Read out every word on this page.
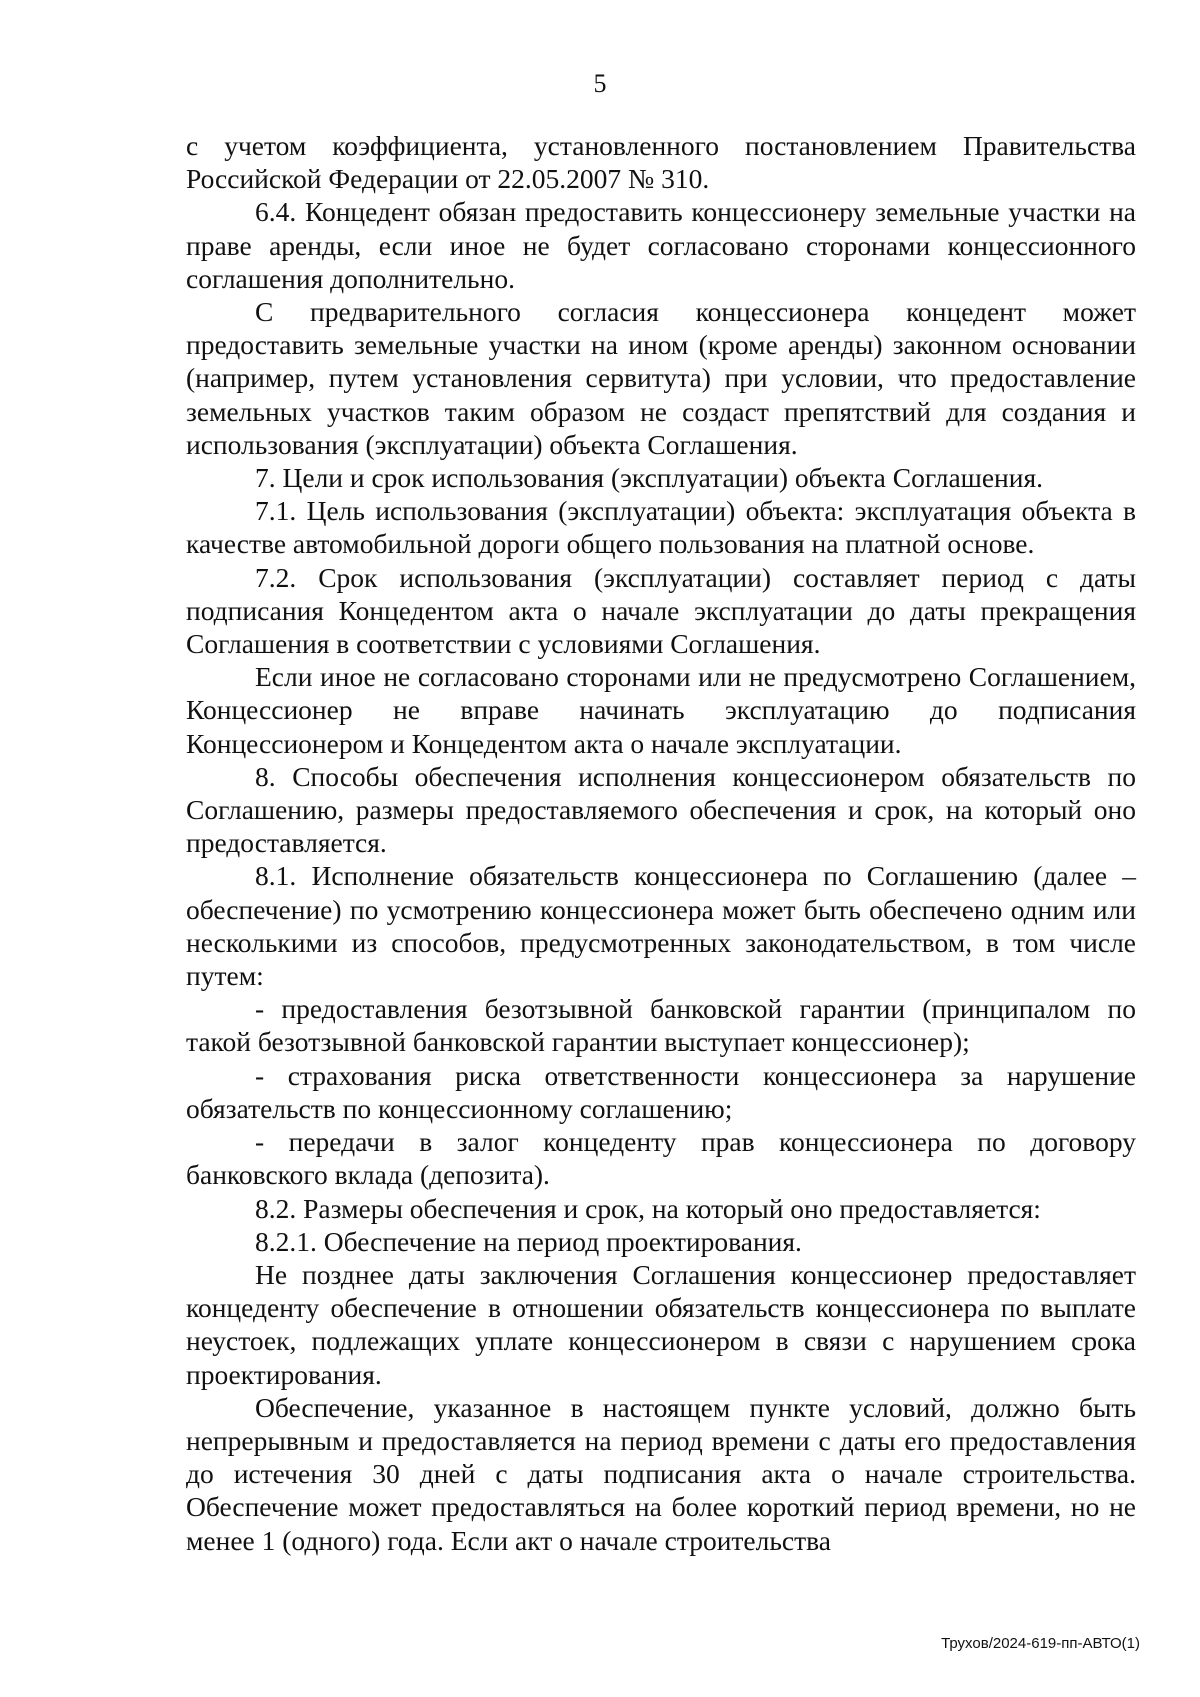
5

с учетом коэффициента, установленного постановлением Правительства Российской Федерации от 22.05.2007 № 310.

6.4. Концедент обязан предоставить концессионеру земельные участки на праве аренды, если иное не будет согласовано сторонами концессионного соглашения дополнительно.

С предварительного согласия концессионера концедент может предоставить земельные участки на ином (кроме аренды) законном основании (например, путем установления сервитута) при условии, что предоставление земельных участков таким образом не создаст препятствий для создания и использования (эксплуатации) объекта Соглашения.

7. Цели и срок использования (эксплуатации) объекта Соглашения.

7.1. Цель использования (эксплуатации) объекта: эксплуатация объекта в качестве автомобильной дороги общего пользования на платной основе.

7.2. Срок использования (эксплуатации) составляет период с даты подписания Концедентом акта о начале эксплуатации до даты прекращения Соглашения в соответствии с условиями Соглашения.

Если иное не согласовано сторонами или не предусмотрено Соглашением, Концессионер не вправе начинать эксплуатацию до подписания Концессионером и Концедентом акта о начале эксплуатации.

8. Способы обеспечения исполнения концессионером обязательств по Соглашению, размеры предоставляемого обеспечения и срок, на который оно предоставляется.

8.1. Исполнение обязательств концессионера по Соглашению (далее – обеспечение) по усмотрению концессионера может быть обеспечено одним или несколькими из способов, предусмотренных законодательством, в том числе путем:

- предоставления безотзывной банковской гарантии (принципалом по такой безотзывной банковской гарантии выступает концессионер);

- страхования риска ответственности концессионера за нарушение обязательств по концессионному соглашению;

- передачи в залог концеденту прав концессионера по договору банковского вклада (депозита).

8.2. Размеры обеспечения и срок, на который оно предоставляется:

8.2.1. Обеспечение на период проектирования.

Не позднее даты заключения Соглашения концессионер предоставляет концеденту обеспечение в отношении обязательств концессионера по выплате неустоек, подлежащих уплате концессионером в связи с нарушением срока проектирования.

Обеспечение, указанное в настоящем пункте условий, должно быть непрерывным и предоставляется на период времени с даты его предоставления до истечения 30 дней с даты подписания акта о начале строительства. Обеспечение может предоставляться на более короткий период времени, но не менее 1 (одного) года. Если акт о начале строительства

Трухов/2024-619-пп-АВТО(1)
